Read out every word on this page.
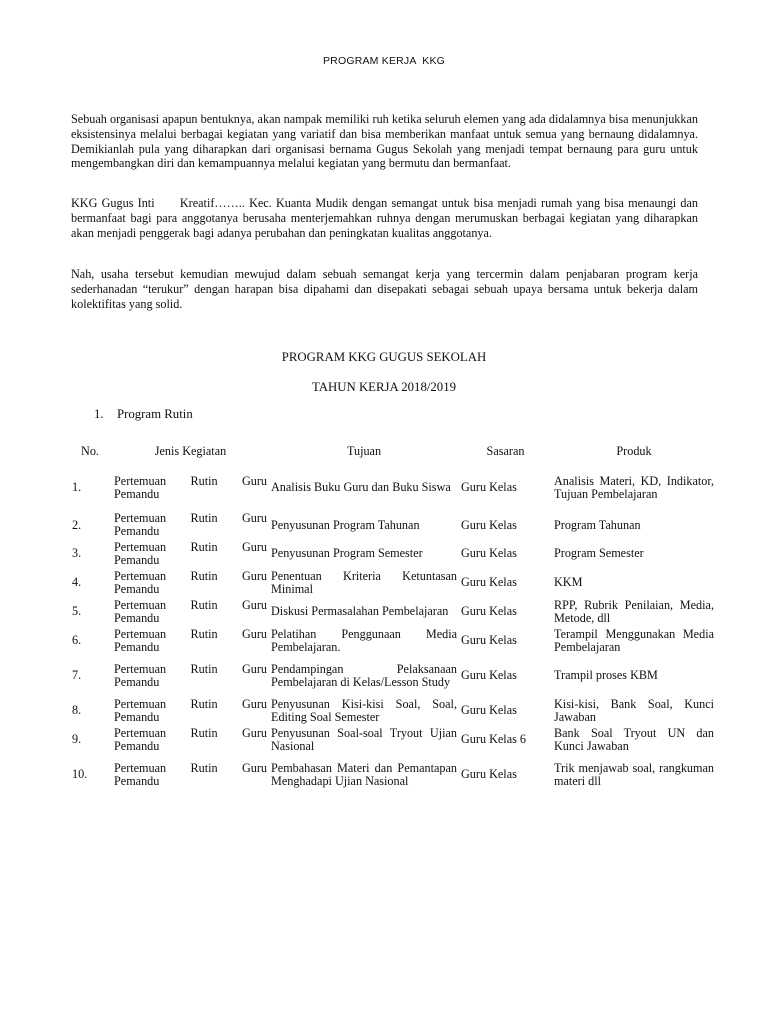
PROGRAM KERJA  KKG

Sebuah organisasi apapun bentuknya, akan nampak memiliki ruh ketika seluruh elemen yang ada didalamnya bisa menunjukkan eksistensinya melalui berbagai kegiatan yang variatif dan bisa memberikan manfaat untuk semua yang bernaung didalamnya. Demikianlah pula yang diharapkan dari organisasi bernama Gugus Sekolah yang menjadi tempat bernaung para guru untuk mengembangkan diri dan kemampuannya melalui kegiatan yang bermutu dan bermanfaat.

KKG Gugus Inti      Kreatif…….. Kec. Kuanta Mudik dengan semangat untuk bisa menjadi rumah yang bisa menaungi dan bermanfaat bagi para anggotanya berusaha menterjemahkan ruhnya dengan merumuskan berbagai kegiatan yang diharapkan akan menjadi penggerak bagi adanya perubahan dan peningkatan kualitas anggotanya.

Nah, usaha tersebut kemudian mewujud dalam sebuah semangat kerja yang tercermin dalam penjabaran program kerja sederhanadan “terukur” dengan harapan bisa dipahami dan disepakati sebagai sebuah upaya bersama untuk bekerja dalam kolektifitas yang solid.

PROGRAM KKG GUGUS SEKOLAH
TAHUN KERJA 2018/2019
1. Program Rutin
No.	Jenis Kegiatan	Tujuan	Sasaran	Produk

1.	Pertemuan Rutin Guru Pemandu	Analisis Buku Guru dan Buku Siswa	Guru Kelas	Analisis Materi, KD, Indikator, Tujuan Pembelajaran

2.	Pertemuan Rutin Guru Pemandu	Penyusunan Program Tahunan	Guru Kelas	Program Tahunan

3.	Pertemuan Rutin Guru Pemandu	Penyusunan Program Semester	Guru Kelas	Program Semester

4.	Pertemuan Rutin Guru Pemandu	Penentuan Kriteria Ketuntasan Minimal	Guru Kelas	KKM

5.	Pertemuan Rutin Guru Pemandu	Diskusi Permasalahan Pembelajaran	Guru Kelas	RPP, Rubrik Penilaian, Media, Metode, dll

6.	Pertemuan Rutin Guru Pemandu	Pelatihan Penggunaan Media Pembelajaran.	Guru Kelas	Terampil Menggunakan Media Pembelajaran

7.	Pertemuan Rutin Guru Pemandu	Pendampingan Pelaksanaan Pembelajaran di Kelas/Lesson Study	Guru Kelas	Trampil proses KBM

8.	Pertemuan Rutin Guru Pemandu	Penyusunan Kisi-kisi Soal, Soal, Editing Soal Semester	Guru Kelas	Kisi-kisi, Bank Soal, Kunci Jawaban

9.	Pertemuan Rutin Guru Pemandu	Penyusunan Soal-soal Tryout Ujian Nasional	Guru Kelas 6	Bank Soal Tryout UN dan Kunci Jawaban

10.	Pertemuan Rutin Guru Pemandu	Pembahasan Materi dan Pemantapan Menghadapi Ujian Nasional	Guru Kelas	Trik menjawab soal, rangkuman materi dll
